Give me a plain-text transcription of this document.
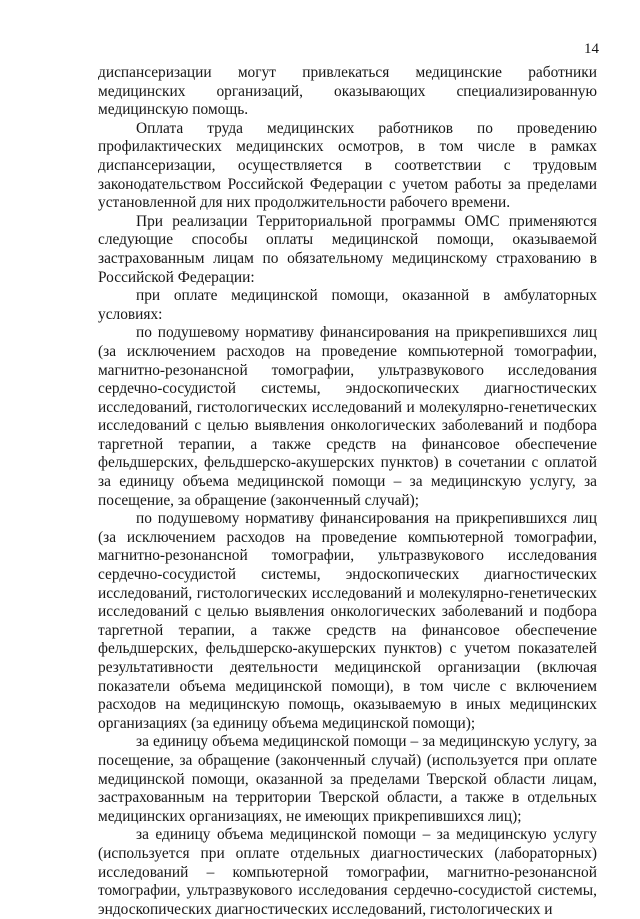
14

диспансеризации могут привлекаться медицинские работники медицинских организаций, оказывающих специализированную медицинскую помощь.

Оплата труда медицинских работников по проведению профилактических медицинских осмотров, в том числе в рамках диспансеризации, осуществляется в соответствии с трудовым законодательством Российской Федерации с учетом работы за пределами установленной для них продолжительности рабочего времени.

При реализации Территориальной программы ОМС применяются следующие способы оплаты медицинской помощи, оказываемой застрахованным лицам по обязательному медицинскому страхованию в Российской Федерации:

при оплате медицинской помощи, оказанной в амбулаторных условиях:

по подушевому нормативу финансирования на прикрепившихся лиц (за исключением расходов на проведение компьютерной томографии, магнитно-резонансной томографии, ультразвукового исследования сердечно-сосудистой системы, эндоскопических диагностических исследований, гистологических исследований и молекулярно-генетических исследований с целью выявления онкологических заболеваний и подбора таргетной терапии, а также средств на финансовое обеспечение фельдшерских, фельдшерско-акушерских пунктов) в сочетании с оплатой за единицу объема медицинской помощи – за медицинскую услугу, за посещение, за обращение (законченный случай);

по подушевому нормативу финансирования на прикрепившихся лиц (за исключением расходов на проведение компьютерной томографии, магнитно-резонансной томографии, ультразвукового исследования сердечно-сосудистой системы, эндоскопических диагностических исследований, гистологических исследований и молекулярно-генетических исследований с целью выявления онкологических заболеваний и подбора таргетной терапии, а также средств на финансовое обеспечение фельдшерских, фельдшерско-акушерских пунктов) с учетом показателей результативности деятельности медицинской организации (включая показатели объема медицинской помощи), в том числе с включением расходов на медицинскую помощь, оказываемую в иных медицинских организациях (за единицу объема медицинской помощи);

за единицу объема медицинской помощи – за медицинскую услугу, за посещение, за обращение (законченный случай) (используется при оплате медицинской помощи, оказанной за пределами Тверской области лицам, застрахованным на территории Тверской области, а также в отдельных медицинских организациях, не имеющих прикрепившихся лиц);

за единицу объема медицинской помощи – за медицинскую услугу (используется при оплате отдельных диагностических (лабораторных) исследований – компьютерной томографии, магнитно-резонансной томографии, ультразвукового исследования сердечно-сосудистой системы, эндоскопических диагностических исследований, гистологических и
